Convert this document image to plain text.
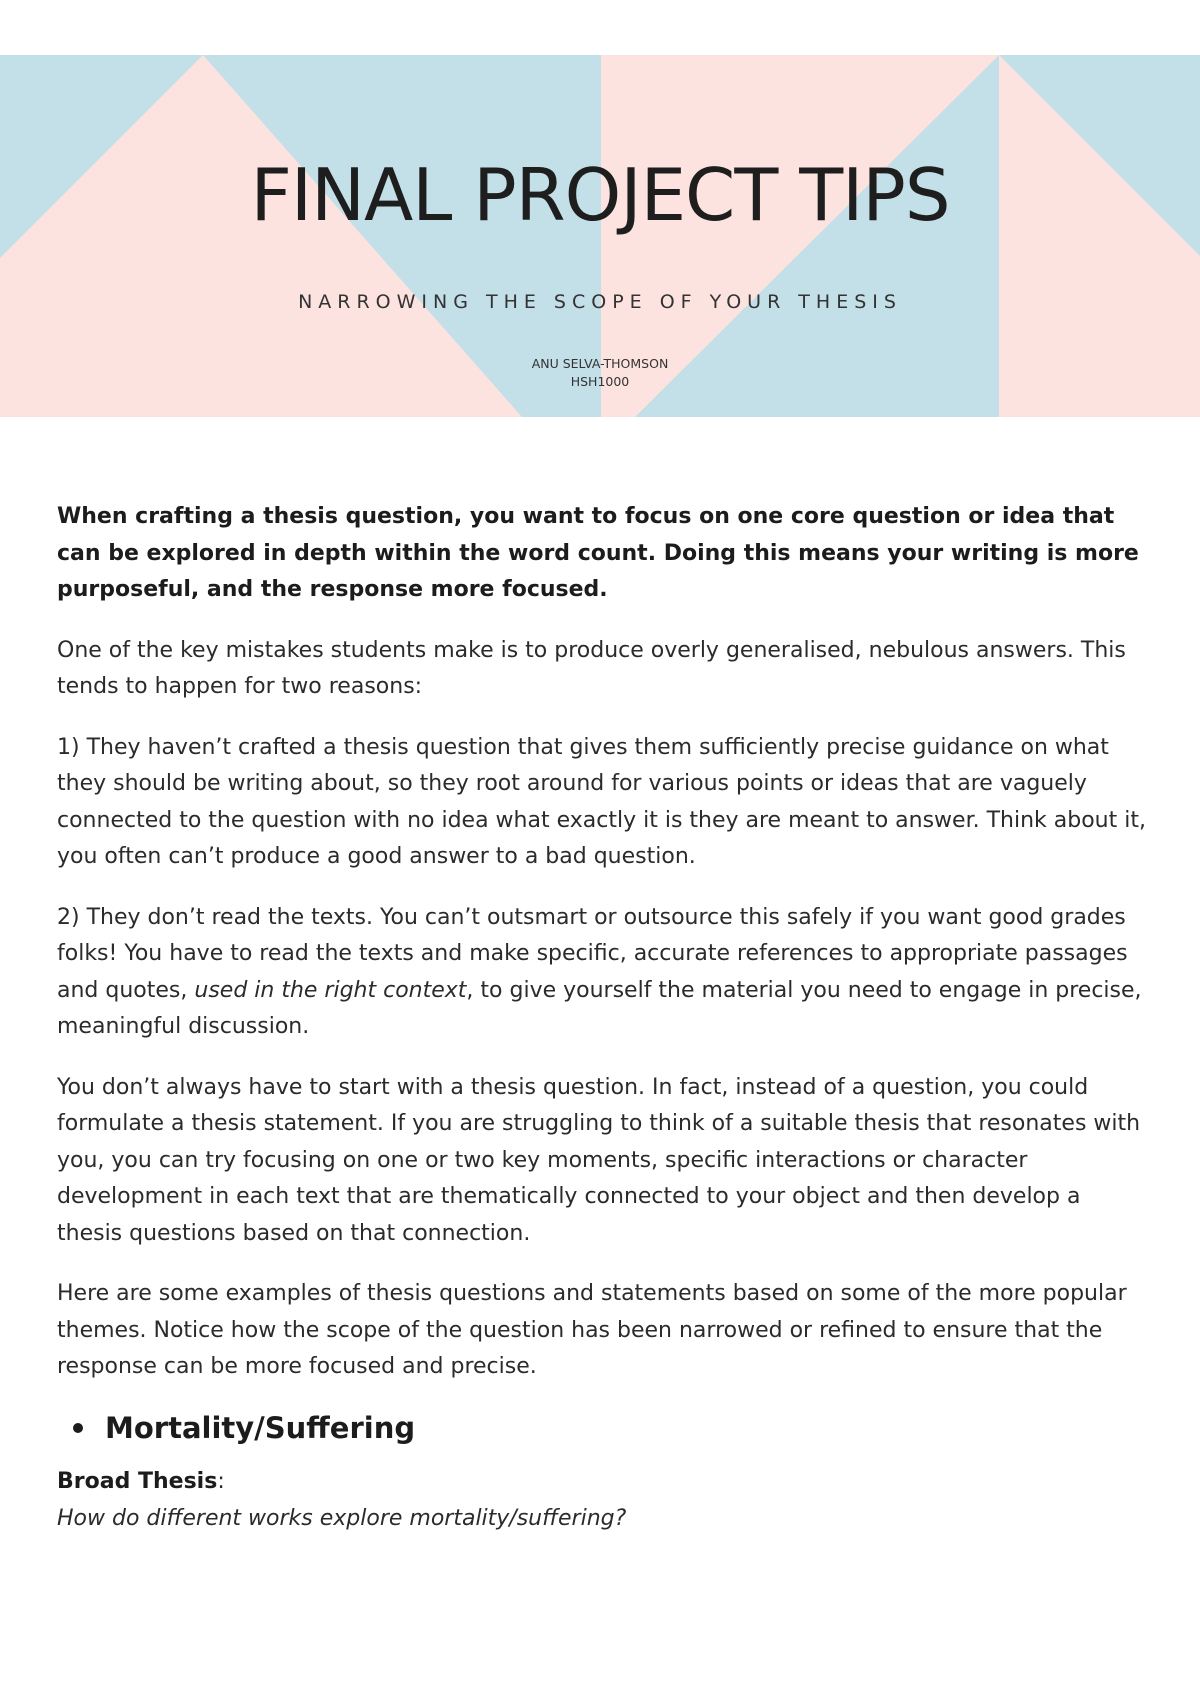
FINAL PROJECT TIPS
NARROWING THE SCOPE OF YOUR THESIS
ANU SELVA-THOMSON
HSH1000

When crafting a thesis question, you want to focus on one core question or idea that can be explored in depth within the word count. Doing this means your writing is more purposeful, and the response more focused.

One of the key mistakes students make is to produce overly generalised, nebulous answers. This tends to happen for two reasons:

1) They haven’t crafted a thesis question that gives them sufficiently precise guidance on what they should be writing about, so they root around for various points or ideas that are vaguely connected to the question with no idea what exactly it is they are meant to answer. Think about it, you often can’t produce a good answer to a bad question.

2) They don’t read the texts. You can’t outsmart or outsource this safely if you want good grades folks! You have to read the texts and make specific, accurate references to appropriate passages and quotes, used in the right context, to give yourself the material you need to engage in precise, meaningful discussion.

You don’t always have to start with a thesis question. In fact, instead of a question, you could formulate a thesis statement. If you are struggling to think of a suitable thesis that resonates with you, you can try focusing on one or two key moments, specific interactions or character development in each text that are thematically connected to your object and then develop a thesis questions based on that connection.

Here are some examples of thesis questions and statements based on some of the more popular themes. Notice how the scope of the question has been narrowed or refined to ensure that the response can be more focused and precise.

Mortality/Suffering
Broad Thesis:
How do different works explore mortality/suffering?
